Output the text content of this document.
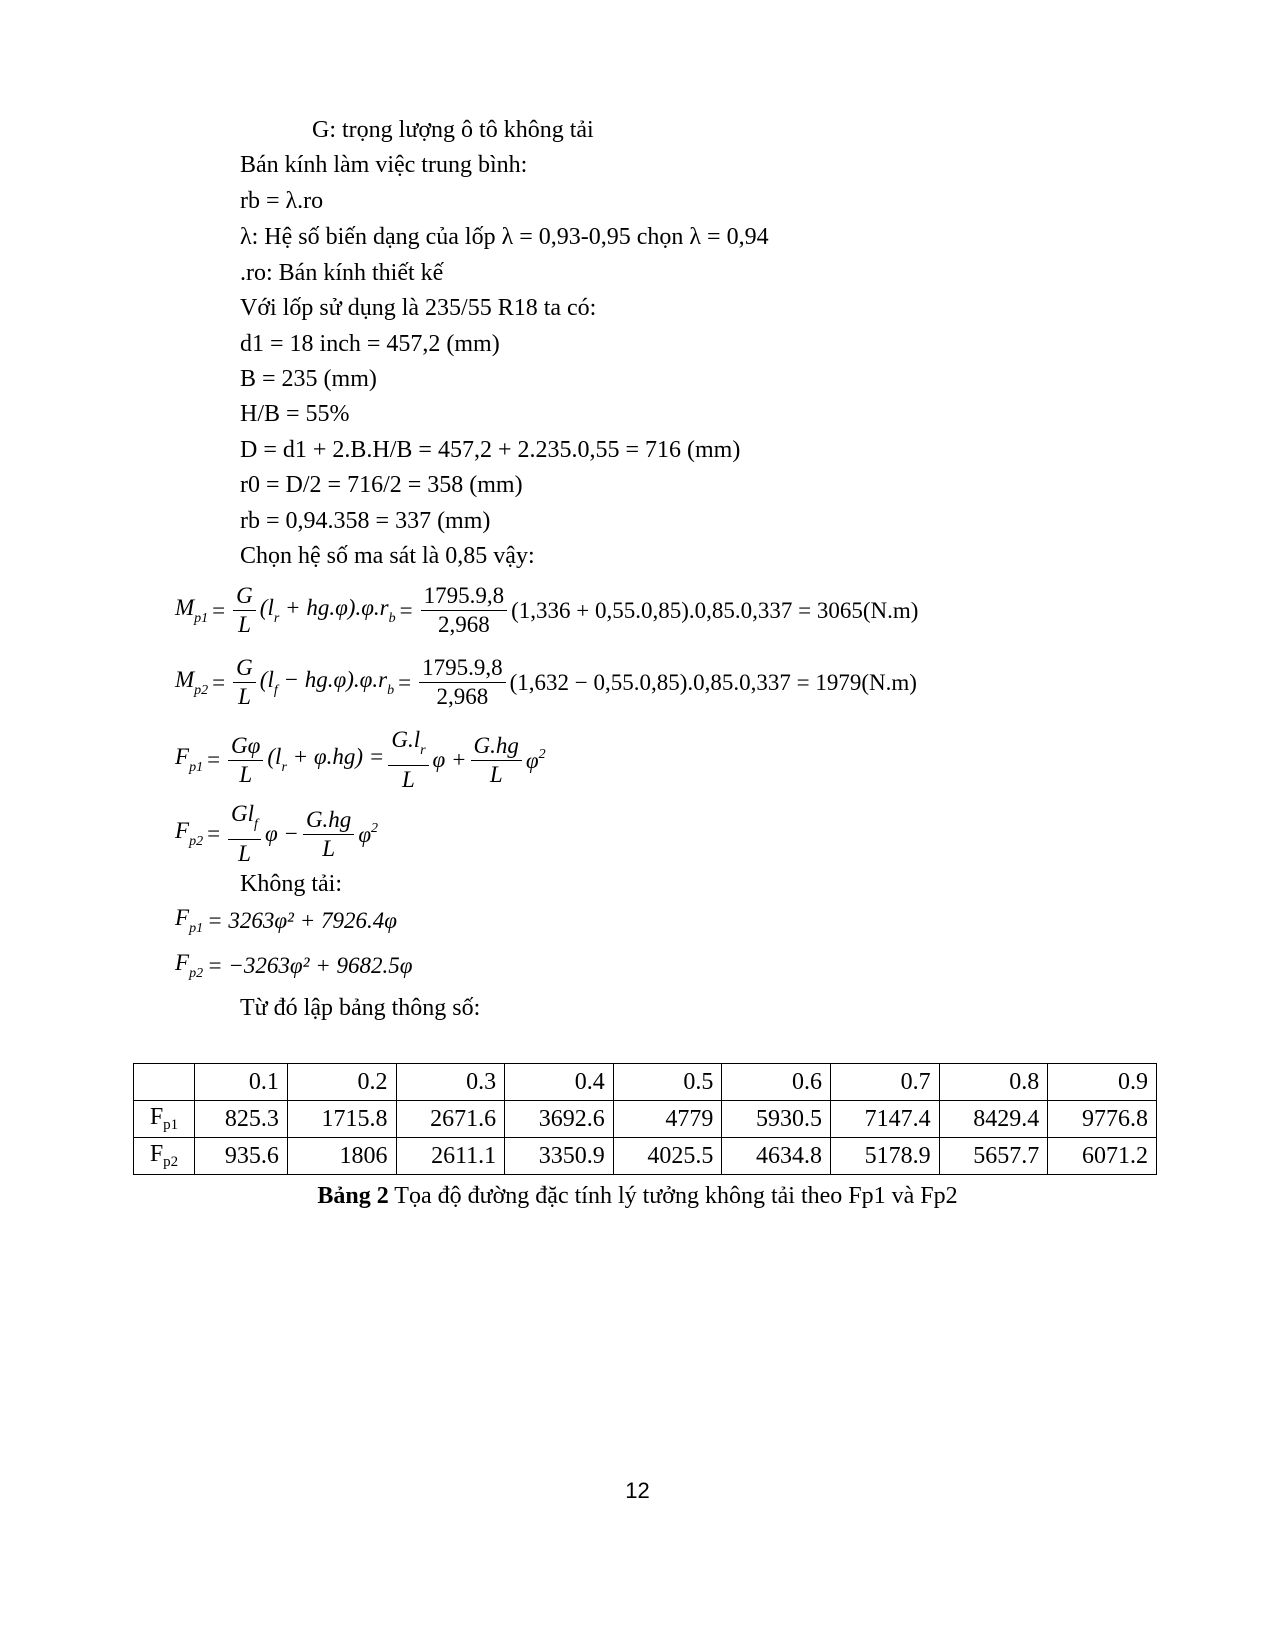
G: trọng lượng ô tô không tải
Bán kính làm việc trung bình:
rb = λ.ro
λ: Hệ số biến dạng của lốp λ = 0,93-0,95 chọn λ = 0,94
.ro: Bán kính thiết kế
Với lốp sử dụng là 235/55 R18 ta có:
d1 = 18 inch = 457,2 (mm)
B = 235 (mm)
H/B = 55%
D = d1 + 2.B.H/B = 457,2 + 2.235.0,55 = 716 (mm)
r0 = D/2 = 716/2 = 358 (mm)
rb = 0,94.358 = 337 (mm)
Chọn hệ số ma sát là 0,85 vậy:
$M_{p1} = \frac{G}{L} (l_r + hg.\varphi).\varphi.r_b = \frac{1795.9,8}{2,968} (1,336 + 0,55.0,85).0,85.0,337 = 3065(N.m)$
$M_{p2} = \frac{G}{L} (l_f - hg.\varphi).\varphi.r_b = \frac{1795.9,8}{2,968} (1,632 - 0,55.0,85).0,85.0,337 = 1979(N.m)$
$F_{p1} = \frac{G\varphi}{L} (l_r + \varphi.hg) = \frac{G.l_r}{L}$ $\varphi + \frac{G.hg}{L} \varphi^2$
$F_{p2} = \frac{Gl_f}{L}$ $\varphi - \frac{G.hg}{L} \varphi^2$
Không tải:
$F_{p1} = 3263\varphi^2 + 7926.4\varphi$
$F_{p2} = -3263\varphi^2 + 9682.5\varphi$
Từ đó lập bảng thông số:
	0.1	0.2	0.3	0.4	0.5	0.6	0.7	0.8	0.9
$F_{p1}$	825.3	1715.8	2671.6	3692.6	4779	5930.5	7147.4	8429.4	9776.8
$F_{p2}$	935.6	1806	2611.1	3350.9	4025.5	4634.8	5178.9	5657.7	6071.2
Bảng 2 Tọa độ đường đặc tính lý tưởng không tải theo Fp1 và Fp2
12
